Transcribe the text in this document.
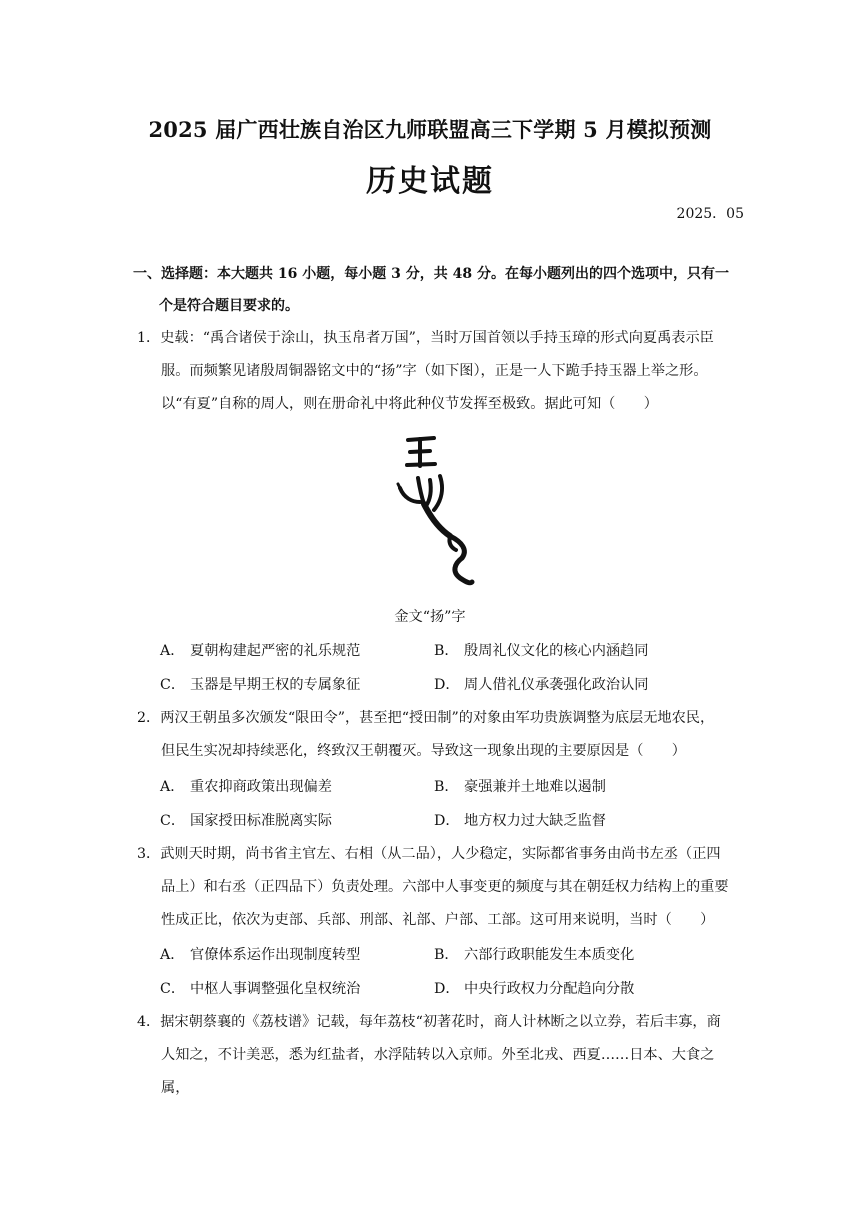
2025 届广西壮族自治区九师联盟高三下学期 5 月模拟预测
历史试题
2025．05
一、选择题：本大题共 16 小题，每小题 3 分，共 48 分。在每小题列出的四个选项中，只有一
个是符合题目要求的。
1．史载：“禹合诸侯于涂山，执玉帛者万国”，当时万国首领以手持玉璋的形式向夏禹表示臣
服。而频繁见诸殷周铜器铭文中的“扬”字（如下图），正是一人下跪手持玉器上举之形。
以“有夏”自称的周人，则在册命礼中将此种仪节发挥至极致。据此可知（　　）
金文“扬”字
A． 夏朝构建起严密的礼乐规范	B． 殷周礼仪文化的核心内涵趋同
C． 玉器是早期王权的专属象征	D． 周人借礼仪承袭强化政治认同
2．两汉王朝虽多次颁发“限田令”，甚至把“授田制”的对象由军功贵族调整为底层无地农民，
但民生实况却持续恶化，终致汉王朝覆灭。导致这一现象出现的主要原因是（　　）
A． 重农抑商政策出现偏差	B． 豪强兼并土地难以遏制
C． 国家授田标准脱离实际	D． 地方权力过大缺乏监督
3．武则天时期，尚书省主官左、右相（从二品），人少稳定，实际都省事务由尚书左丞（正四
品上）和右丞（正四品下）负责处理。六部中人事变更的频度与其在朝廷权力结构上的重要
性成正比，依次为吏部、兵部、刑部、礼部、户部、工部。这可用来说明，当时（　　）
A． 官僚体系运作出现制度转型	B． 六部行政职能发生本质变化
C． 中枢人事调整强化皇权统治	D． 中央行政权力分配趋向分散
4．据宋朝蔡襄的《荔枝谱》记载，每年荔枝“初著花时，商人计林断之以立券，若后丰寡，商
人知之，不计美恶，悉为红盐者，水浮陆转以入京师。外至北戎、西夏……日本、大食之属，
